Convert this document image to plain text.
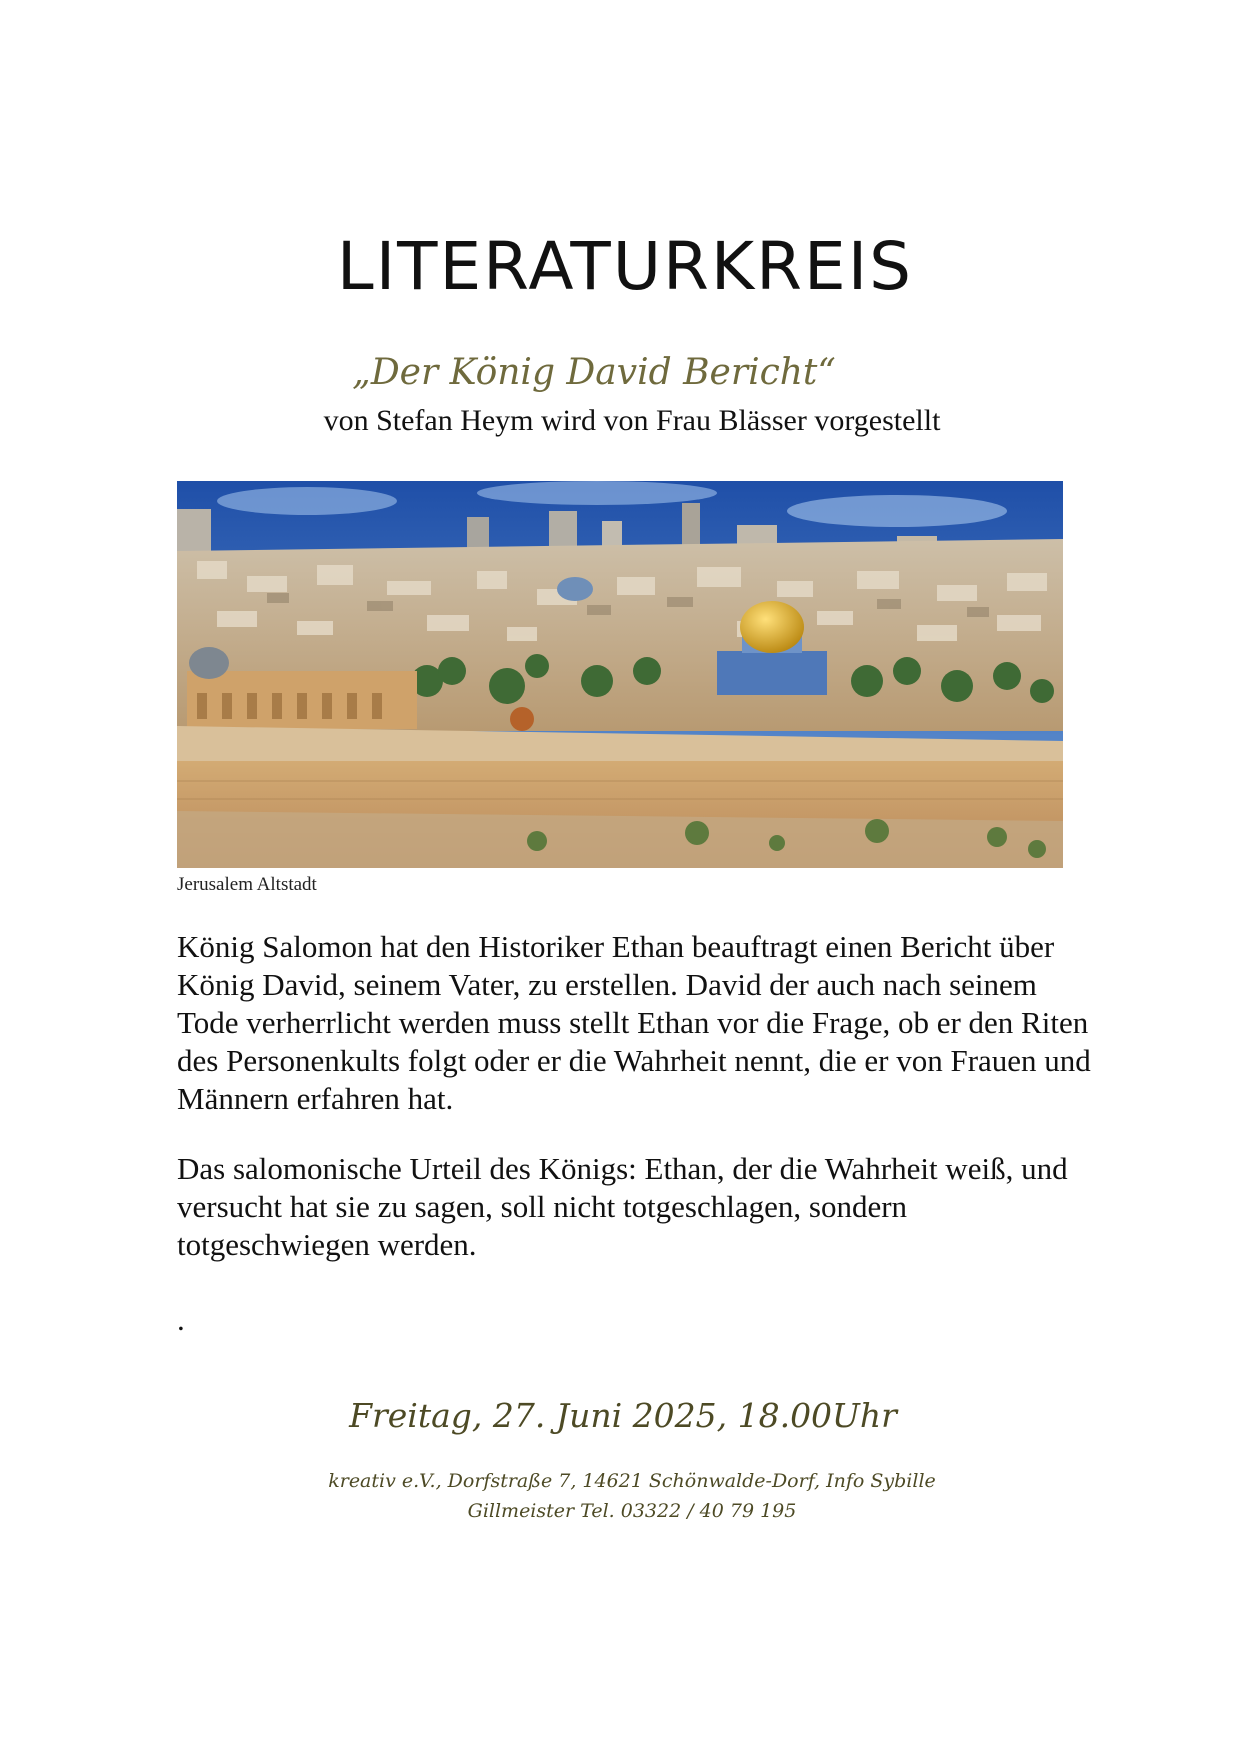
LITERATURKREIS
„Der König David Bericht“
von Stefan Heym wird von Frau Blässer vorgestellt
Jerusalem Altstadt

König Salomon hat den Historiker Ethan beauftragt einen Bericht über König David, seinem Vater, zu erstellen. David der auch nach seinem Tode verherrlicht werden muss stellt Ethan vor die Frage, ob er den Riten des Personenkults folgt oder er die Wahrheit nennt, die er von Frauen und Männern erfahren hat.

Das salomonische Urteil des Königs: Ethan, der die Wahrheit weiß, und versucht hat sie zu sagen, soll nicht totgeschlagen, sondern totgeschwiegen werden.

.
Freitag, 27. Juni 2025, 18.00Uhr
kreativ e.V., Dorfstraße 7, 14621 Schönwalde-Dorf, Info Sybille
Gillmeister Tel. 03322 / 40 79 195
